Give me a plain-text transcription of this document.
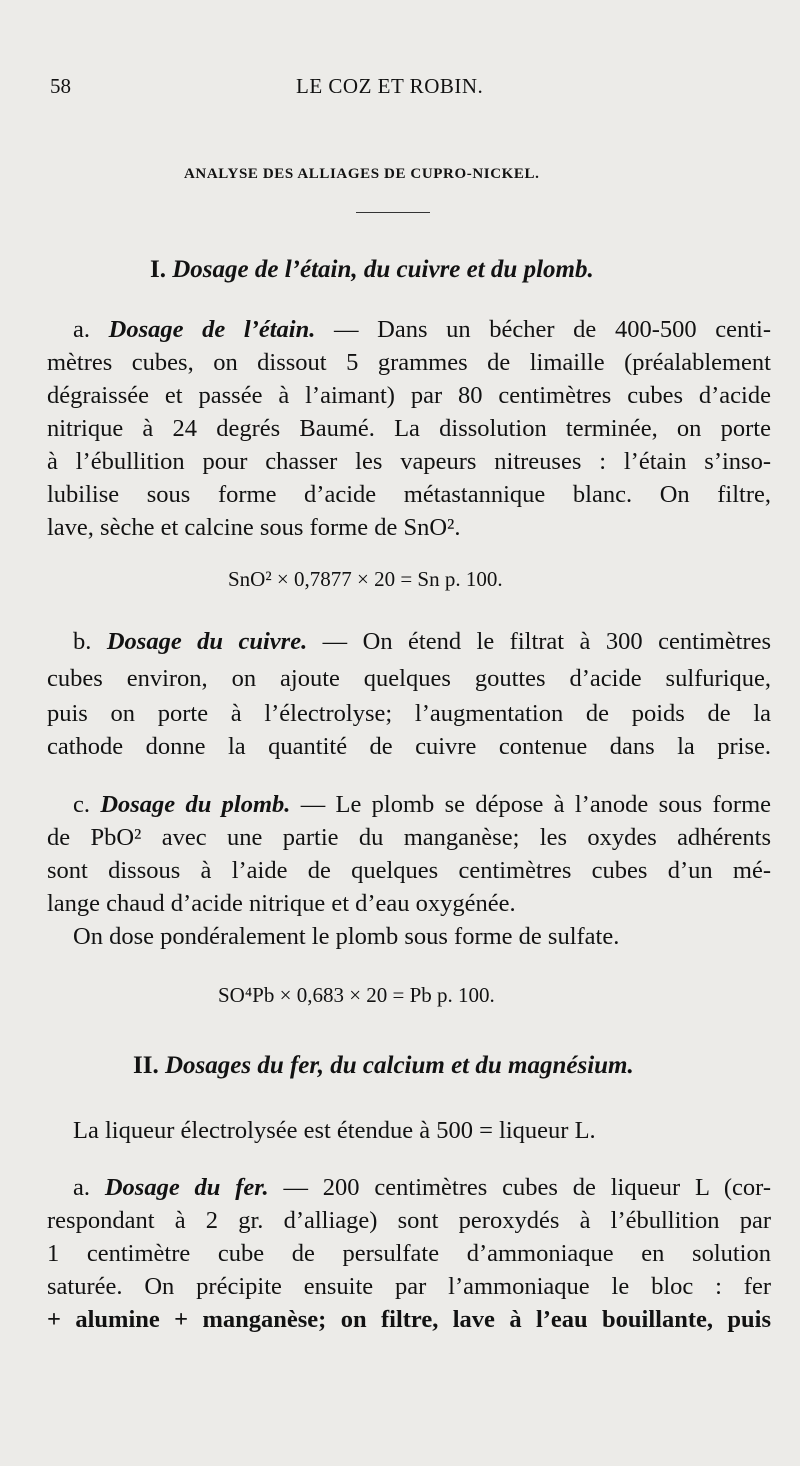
58	LE COZ ET ROBIN.
ANALYSE DES ALLIAGES DE CUPRO-NICKEL.
I. Dosage de l’étain, du cuivre et du plomb.
a. Dosage de l’étain. — Dans un bécher de 400-500 centi-
mètres cubes, on dissout 5 grammes de limaille (préalablement
dégraissée et passée à l’aimant) par 80 centimètres cubes d’acide
nitrique à 24 degrés Baumé. La dissolution terminée, on porte
à l’ébullition pour chasser les vapeurs nitreuses : l’étain s’inso-
lubilise sous forme d’acide métastannique blanc. On filtre,
lave, sèche et calcine sous forme de SnO².
SnO² × 0,7877 × 20 = Sn p. 100.
b. Dosage du cuivre. — On étend le filtrat à 300 centimètres
cubes environ, on ajoute quelques gouttes d’acide sulfurique,
puis on porte à l’électrolyse; l’augmentation de poids de la
cathode donne la quantité de cuivre contenue dans la prise.
c. Dosage du plomb. — Le plomb se dépose à l’anode sous forme
de PbO² avec une partie du manganèse; les oxydes adhérents
sont dissous à l’aide de quelques centimètres cubes d’un mé-
lange chaud d’acide nitrique et d’eau oxygénée.
On dose pondéralement le plomb sous forme de sulfate.
SO⁴Pb × 0,683 × 20 = Pb p. 100.
II. Dosages du fer, du calcium et du magnésium.
La liqueur électrolysée est étendue à 500 = liqueur L.
a. Dosage du fer. — 200 centimètres cubes de liqueur L (cor-
respondant à 2 gr. d’alliage) sont peroxydés à l’ébullition par
1 centimètre cube de persulfate d’ammoniaque en solution
saturée. On précipite ensuite par l’ammoniaque le bloc : fer
+ alumine + manganèse; on filtre, lave à l’eau bouillante, puis
